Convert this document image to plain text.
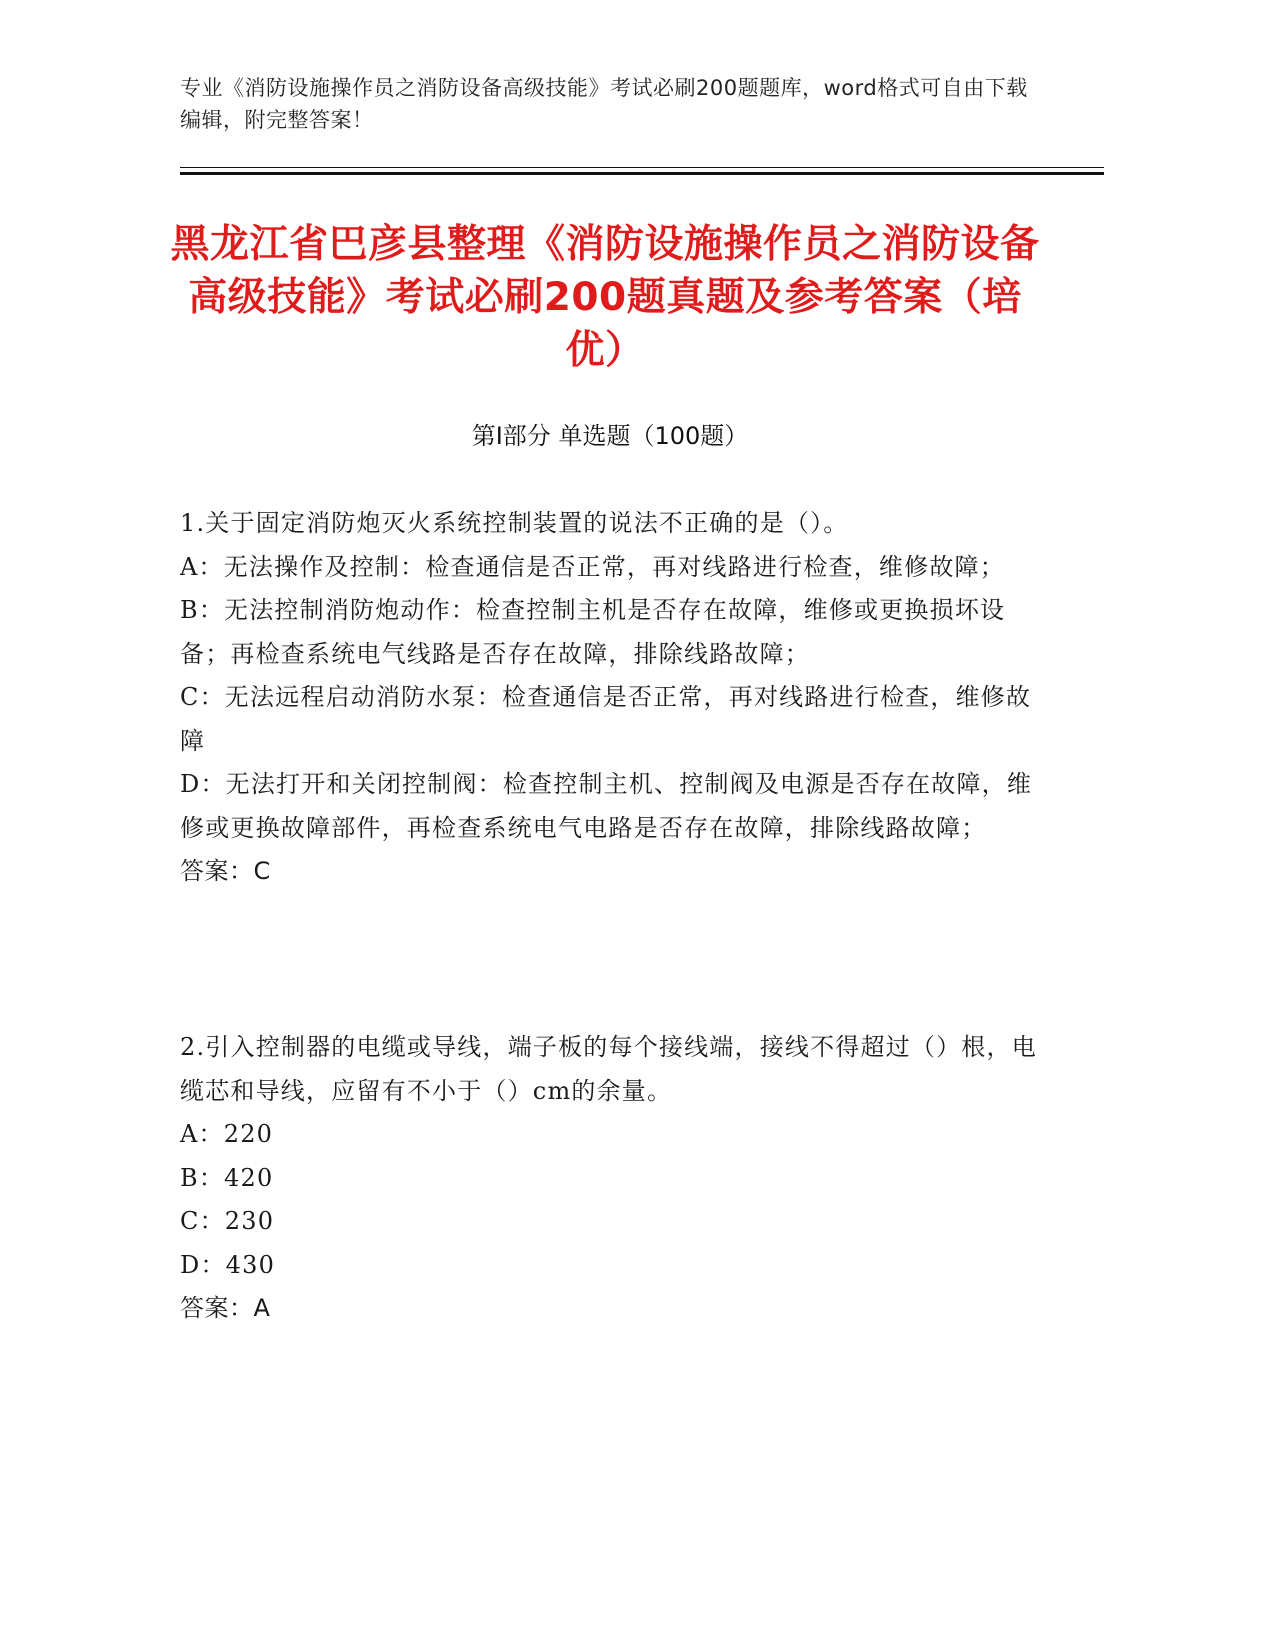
专业《消防设施操作员之消防设备高级技能》考试必刷200题题库，word格式可自由下载编辑，附完整答案！
黑龙江省巴彦县整理《消防设施操作员之消防设备高级技能》考试必刷200题真题及参考答案（培优）
第I部分 单选题（100题）
1.关于固定消防炮灭火系统控制装置的说法不正确的是（）。
A：无法操作及控制：检查通信是否正常，再对线路进行检查，维修故障；
B：无法控制消防炮动作：检查控制主机是否存在故障，维修或更换损坏设备；再检查系统电气线路是否存在故障，排除线路故障；
C：无法远程启动消防水泵：检查通信是否正常，再对线路进行检查，维修故障
D：无法打开和关闭控制阀：检查控制主机、控制阀及电源是否存在故障，维修或更换故障部件，再检查系统电气电路是否存在故障，排除线路故障；
答案：C
2.引入控制器的电缆或导线，端子板的每个接线端，接线不得超过（）根，电缆芯和导线，应留有不小于（）cm的余量。
A：220
B：420
C：230
D：430
答案：A
